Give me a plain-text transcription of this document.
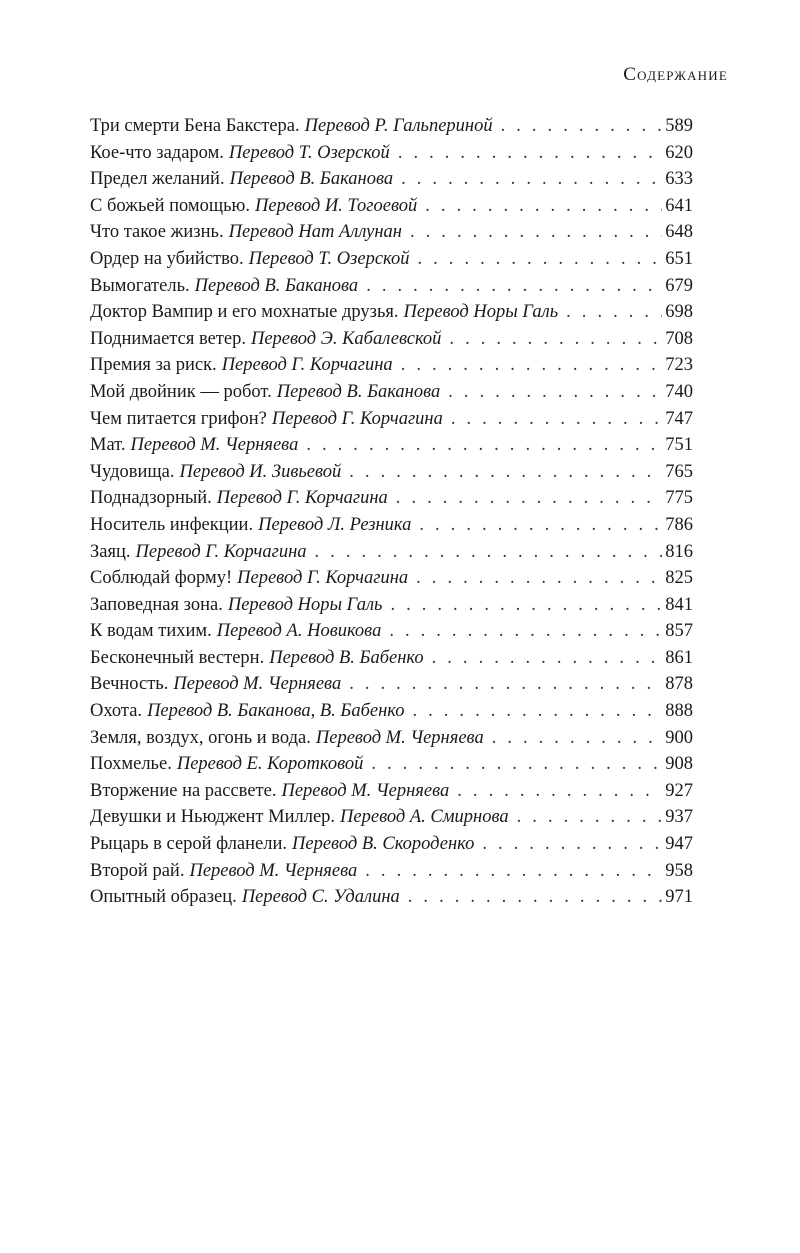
Содержание
Три смерти Бена Бакстера. Перевод Р. Гальпериной . . .	589
Кое-что задаром. Перевод Т. Озерской . . .	620
Предел желаний. Перевод В. Баканова . . .	633
С божьей помощью. Перевод И. Тогоевой . . .	641
Что такое жизнь. Перевод Нат Аллунан . . .	648
Ордер на убийство. Перевод Т. Озерской . . .	651
Вымогатель. Перевод В. Баканова . . .	679
Доктор Вампир и его мохнатые друзья. Перевод Норы Галь . . .	698
Поднимается ветер. Перевод Э. Кабалевской . . .	708
Премия за риск. Перевод Г. Корчагина . . .	723
Мой двойник — робот. Перевод В. Баканова . . .	740
Чем питается грифон? Перевод Г. Корчагина . . .	747
Мат. Перевод М. Черняева . . .	751
Чудовища. Перевод И. Зивьевой . . .	765
Поднадзорный. Перевод Г. Корчагина . . .	775
Носитель инфекции. Перевод Л. Резника . . .	786
Заяц. Перевод Г. Корчагина . . .	816
Соблюдай форму! Перевод Г. Корчагина . . .	825
Заповедная зона. Перевод Норы Галь . . .	841
К водам тихим. Перевод А. Новикова . . .	857
Бесконечный вестерн. Перевод В. Бабенко . . .	861
Вечность. Перевод М. Черняева . . .	878
Охота. Перевод В. Баканова, В. Бабенко . . .	888
Земля, воздух, огонь и вода. Перевод М. Черняева . . .	900
Похмелье. Перевод Е. Коротковой . . .	908
Вторжение на рассвете. Перевод М. Черняева . . .	927
Девушки и Ньюджент Миллер. Перевод А. Смирнова . . .	937
Рыцарь в серой фланели. Перевод В. Скороденко . . .	947
Второй рай. Перевод М. Черняева . . .	958
Опытный образец. Перевод С. Удалина . . .	971
